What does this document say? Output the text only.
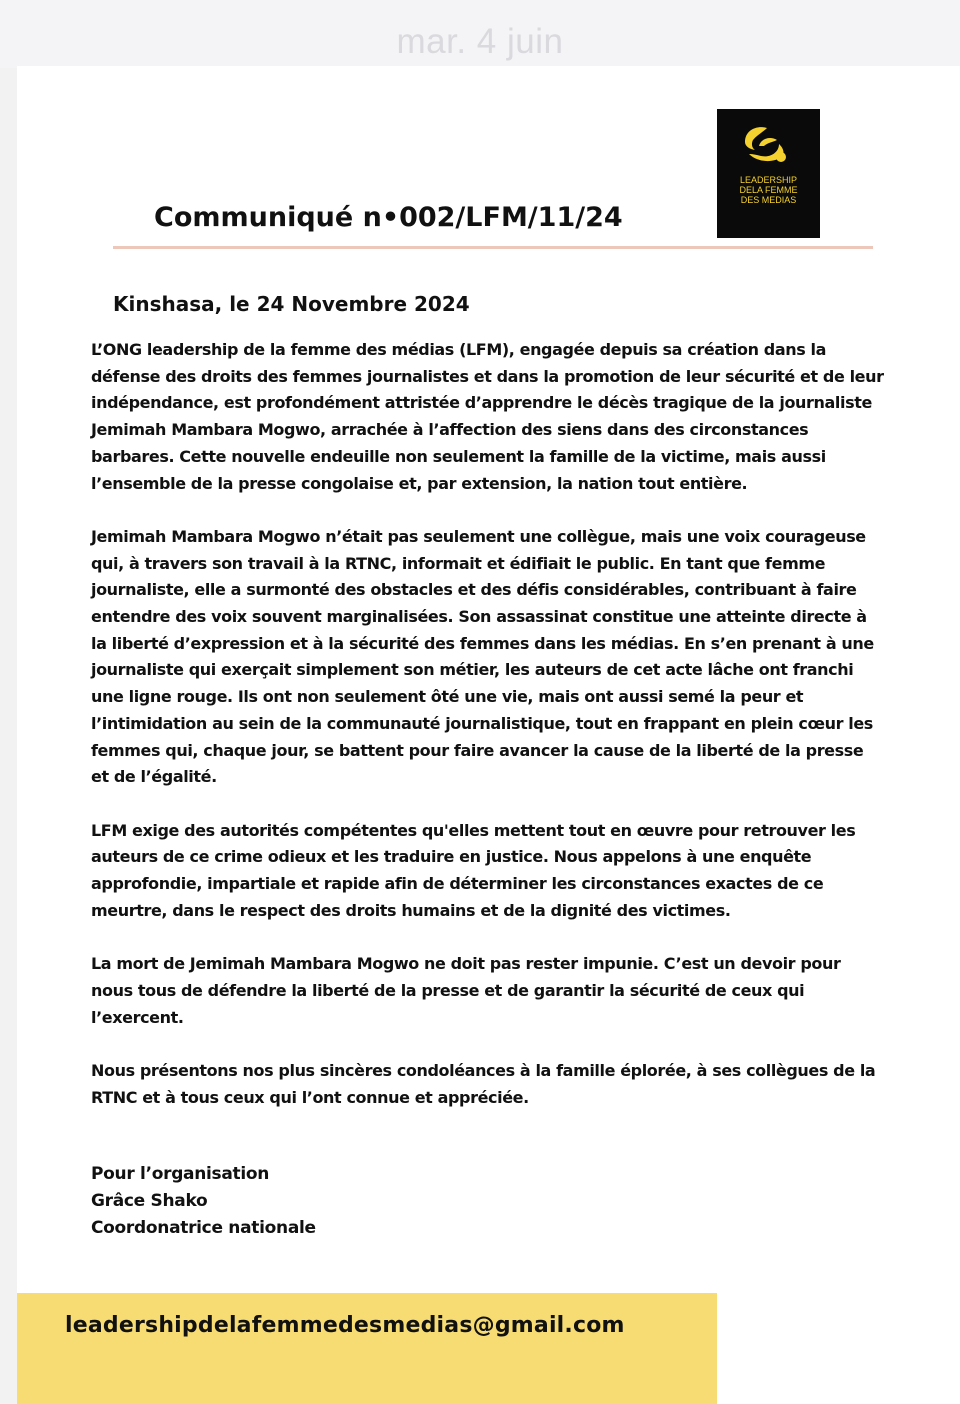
mar. 4 juin
LEADERSHIP
DELA FEMME
DES MEDIAS
Communiqué n•002/LFM/11/24
Kinshasa, le 24 Novembre 2024

L’ONG leadership de la femme des médias (LFM), engagée depuis sa création dans la défense des droits des femmes journalistes et dans la promotion de leur sécurité et de leur indépendance, est profondément attristée d’apprendre le décès tragique de la journaliste Jemimah Mambara Mogwo, arrachée à l’affection des siens dans des circonstances barbares. Cette nouvelle endeuille non seulement la famille de la victime, mais aussi l’ensemble de la presse congolaise et, par extension, la nation tout entière.

Jemimah Mambara Mogwo n’était pas seulement une collègue, mais une voix courageuse qui, à travers son travail à la RTNC, informait et édifiait le public. En tant que femme journaliste, elle a surmonté des obstacles et des défis considérables, contribuant à faire entendre des voix souvent marginalisées. Son assassinat constitue une atteinte directe à la liberté d’expression et à la sécurité des femmes dans les médias. En s’en prenant à une journaliste qui exerçait simplement son métier, les auteurs de cet acte lâche ont franchi une ligne rouge. Ils ont non seulement ôté une vie, mais ont aussi semé la peur et l’intimidation au sein de la communauté journalistique, tout en frappant en plein cœur les femmes qui, chaque jour, se battent pour faire avancer la cause de la liberté de la presse et de l’égalité.

LFM exige des autorités compétentes qu'elles mettent tout en œuvre pour retrouver les auteurs de ce crime odieux et les traduire en justice. Nous appelons à une enquête approfondie, impartiale et rapide afin de déterminer les circonstances exactes de ce meurtre, dans le respect des droits humains et de la dignité des victimes.

La mort de Jemimah Mambara Mogwo ne doit pas rester impunie. C’est un devoir pour nous tous de défendre la liberté de la presse et de garantir la sécurité de ceux qui l’exercent.

Nous présentons nos plus sincères condoléances à la famille éplorée, à ses collègues de la RTNC et à tous ceux qui l’ont connue et appréciée.

Pour l’organisation
Grâce Shako
Coordonatrice nationale
leadershipdelafemmedesmedias@gmail.com
